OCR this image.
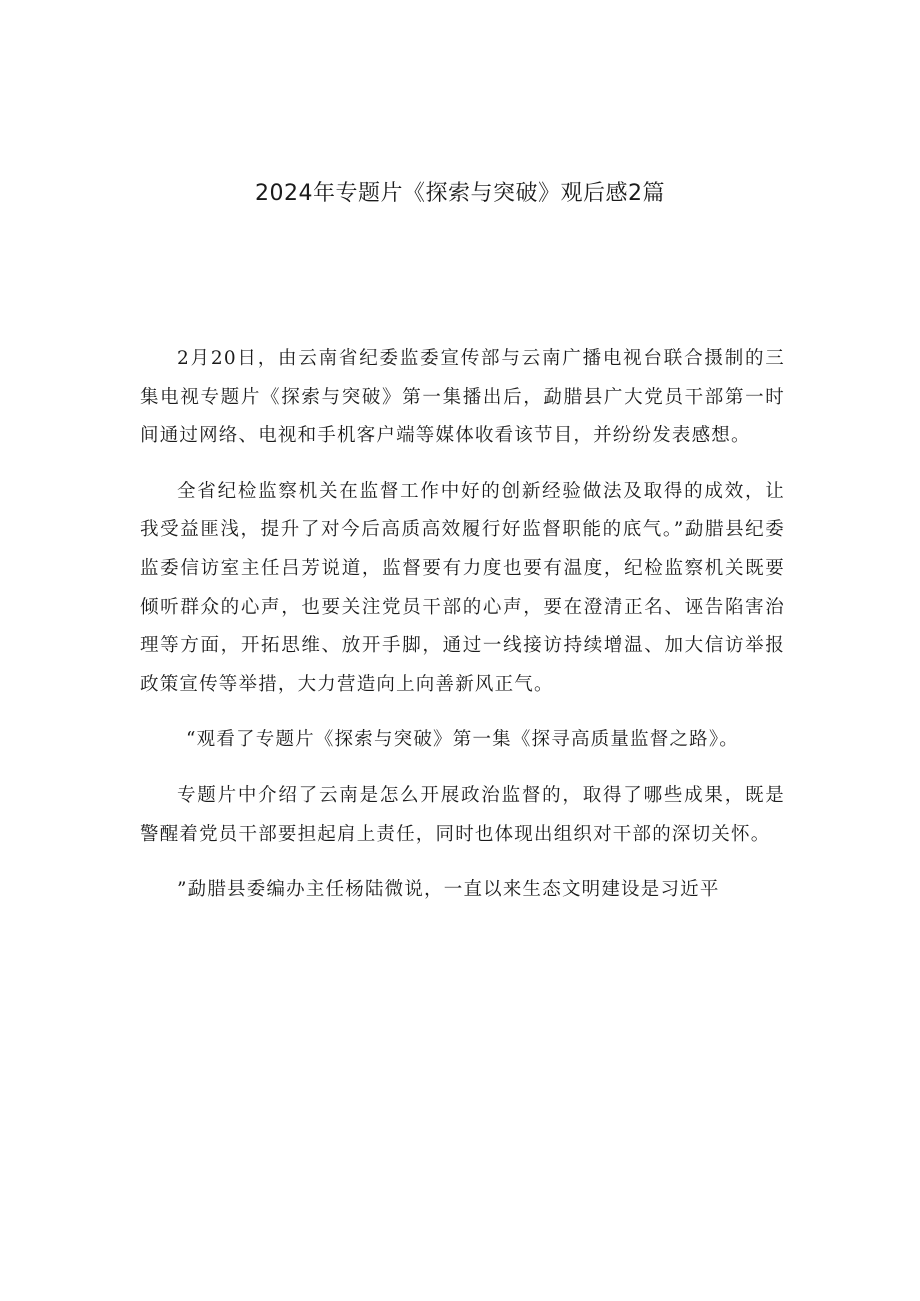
2024年专题片《探索与突破》观后感2篇

2月20日，由云南省纪委监委宣传部与云南广播电视台联合摄制的三集电视专题片《探索与突破》第一集播出后，勐腊县广大党员干部第一时间通过网络、电视和手机客户端等媒体收看该节目，并纷纷发表感想。

全省纪检监察机关在监督工作中好的创新经验做法及取得的成效，让我受益匪浅，提升了对今后高质高效履行好监督职能的底气。”勐腊县纪委监委信访室主任吕芳说道，监督要有力度也要有温度，纪检监察机关既要倾听群众的心声，也要关注党员干部的心声，要在澄清正名、诬告陷害治理等方面，开拓思维、放开手脚，通过一线接访持续增温、加大信访举报政策宣传等举措，大力营造向上向善新风正气。

“观看了专题片《探索与突破》第一集《探寻高质量监督之路》。

专题片中介绍了云南是怎么开展政治监督的，取得了哪些成果，既是警醒着党员干部要担起肩上责任，同时也体现出组织对干部的深切关怀。

”勐腊县委编办主任杨陆微说，一直以来生态文明建设是习近平
